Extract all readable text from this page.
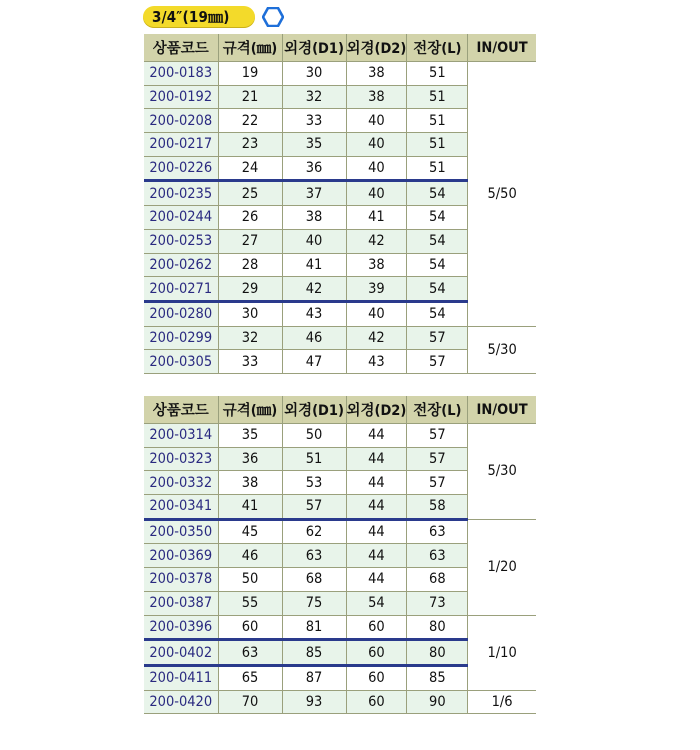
3/4″(19㎜)
상품코드	규격(㎜)	외경(D1)	외경(D2)	전장(L)	IN/OUT
200-0183	19	30	38	51	5/50
200-0192	21	32	38	51	
200-0208	22	33	40	51	
200-0217	23	35	40	51	
200-0226	24	36	40	51	
200-0235	25	37	40	54	
200-0244	26	38	41	54	
200-0253	27	40	42	54	
200-0262	28	41	38	54	
200-0271	29	42	39	54	
200-0280	30	43	40	54	
200-0299	32	46	42	57	5/30
200-0305	33	47	43	57	
상품코드	규격(㎜)	외경(D1)	외경(D2)	전장(L)	IN/OUT
200-0314	35	50	44	57	5/30
200-0323	36	51	44	57	
200-0332	38	53	44	57	
200-0341	41	57	44	58	
200-0350	45	62	44	63	1/20
200-0369	46	63	44	63	
200-0378	50	68	44	68	
200-0387	55	75	54	73	
200-0396	60	81	60	80	1/10
200-0402	63	85	60	80	
200-0411	65	87	60	85	
200-0420	70	93	60	90	1/6
